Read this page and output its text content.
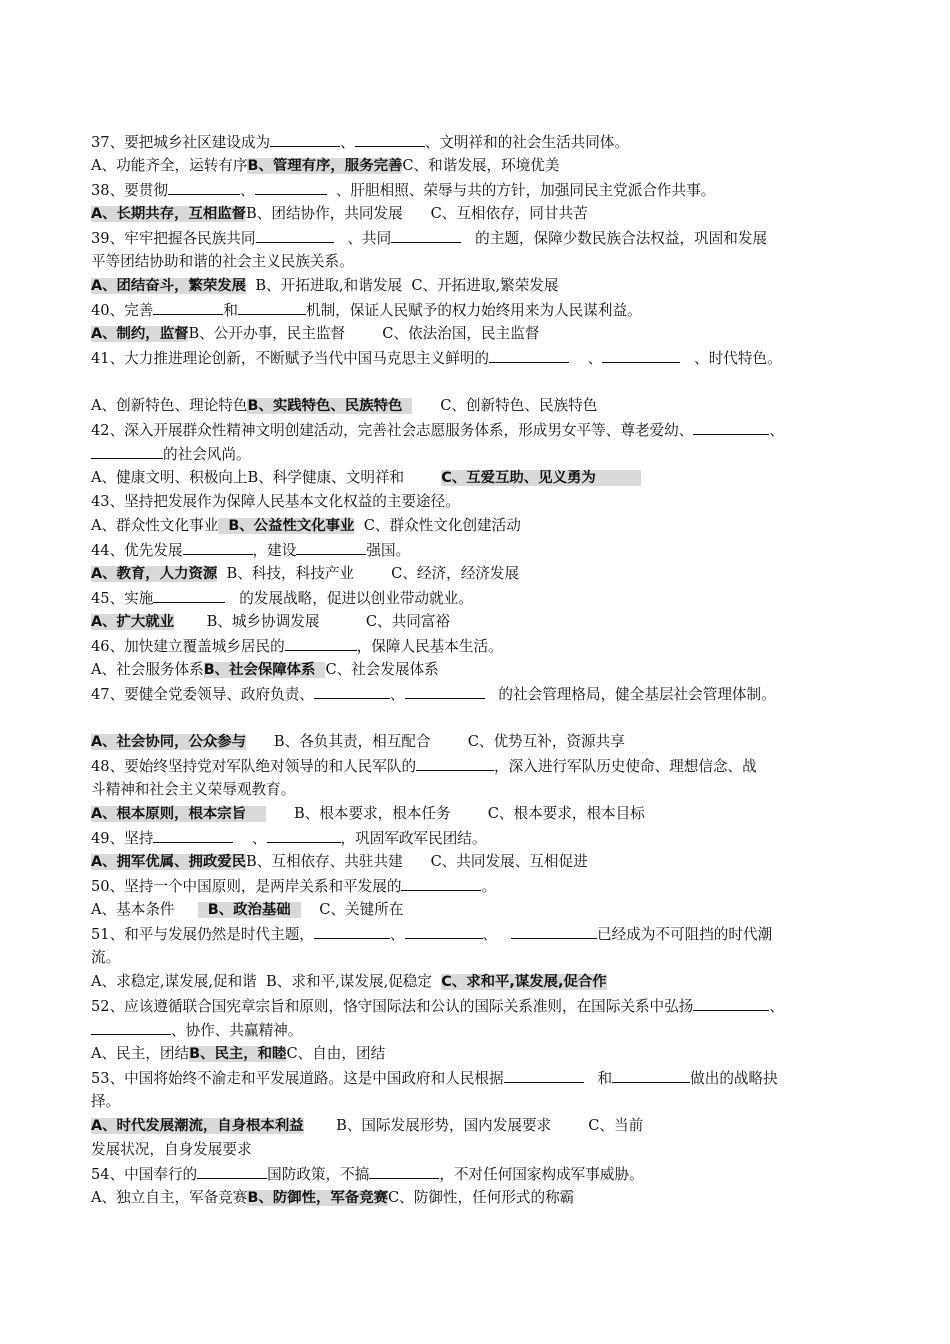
37、要把城乡社区建设成为	、	、文明祥和的社会生活共同体。
A、功能齐全，运转有序B、管理有序，服务完善C、和谐发展，环境优美
38、要贯彻	、	、肝胆相照、荣辱与共的方针，加强同民主党派合作共事。
A、长期共存，互相监督B、团结协作，共同发展 C、互相依存，同甘共苦
39、牢牢把握各民族共同	、共同	的主题，保障少数民族合法权益，巩固和发展
平等团结协助和谐的社会主义民族关系。
A、团结奋斗，繁荣发展 B、开拓进取,和谐发展 C、开拓进取,繁荣发展
40、完善	和	机制，保证人民赋予的权力始终用来为人民谋利益。
A、制约，监督B、公开办事，民主监督	C、依法治国，民主监督
41、大力推进理论创新，不断赋予当代中国马克思主义鲜明的	、	、时代特色。
A、创新特色、理论特色B、实践特色、民族特色	C、创新特色、民族特色
42、深入开展群众性精神文明创建活动，完善社会志愿服务体系，形成男女平等、尊老爱幼、	、
的社会风尚。
A、健康文明、积极向上B、科学健康、文明祥和	C、互爱互助、见义勇为
43、坚持把发展作为保障人民基本文化权益的主要途径。
A、群众性文化事业 B、公益性文化事业 C、群众性文化创建活动
44、优先发展	，建设	强国。
A、教育，人力资源 B、科技，科技产业	C、经济，经济发展
45、实施	的发展战略，促进以创业带动就业。
A、扩大就业 B、城乡协调发展	C、共同富裕
46、加快建立覆盖城乡居民的	，保障人民基本生活。
A、社会服务体系B、社会保障体系 C、社会发展体系
47、要健全党委领导、政府负责、	、	的社会管理格局，健全基层社会管理体制。
A、社会协同，公众参与 B、各负其责，相互配合	C、优势互补，资源共享
48、要始终坚持党对军队绝对领导的和人民军队的	，深入进行军队历史使命、理想信念、战
斗精神和社会主义荣辱观教育。
A、根本原则，根本宗旨	B、根本要求，根本任务	C、根本要求，根本目标
49、坚持	、	，巩固军政军民团结。
A、拥军优属、拥政爱民B、互相依存、共驻共建 C、共同发展、互相促进
50、坚持一个中国原则，是两岸关系和平发展的	。
A、基本条件 B、政治基础 C、关键所在
51、和平与发展仍然是时代主题，	、	、	已经成为不可阻挡的时代潮
流。
A、求稳定,谋发展,促和谐 B、求和平,谋发展,促稳定 C、求和平,谋发展,促合作
52、应该遵循联合国宪章宗旨和原则，恪守国际法和公认的国际关系准则，在国际关系中弘扬	、
、协作、共赢精神。
A、民主，团结B、民主，和睦C、自由，团结
53、中国将始终不渝走和平发展道路。这是中国政府和人民根据	和	做出的战略抉
择。
A、时代发展潮流，自身根本利益 B、国际发展形势，国内发展要求	C、当前
发展状况，自身发展要求
54、中国奉行的	国防政策，不搞	，不对任何国家构成军事威胁。
A、独立自主，军备竞赛B、防御性，军备竞赛C、防御性，任何形式的称霸
